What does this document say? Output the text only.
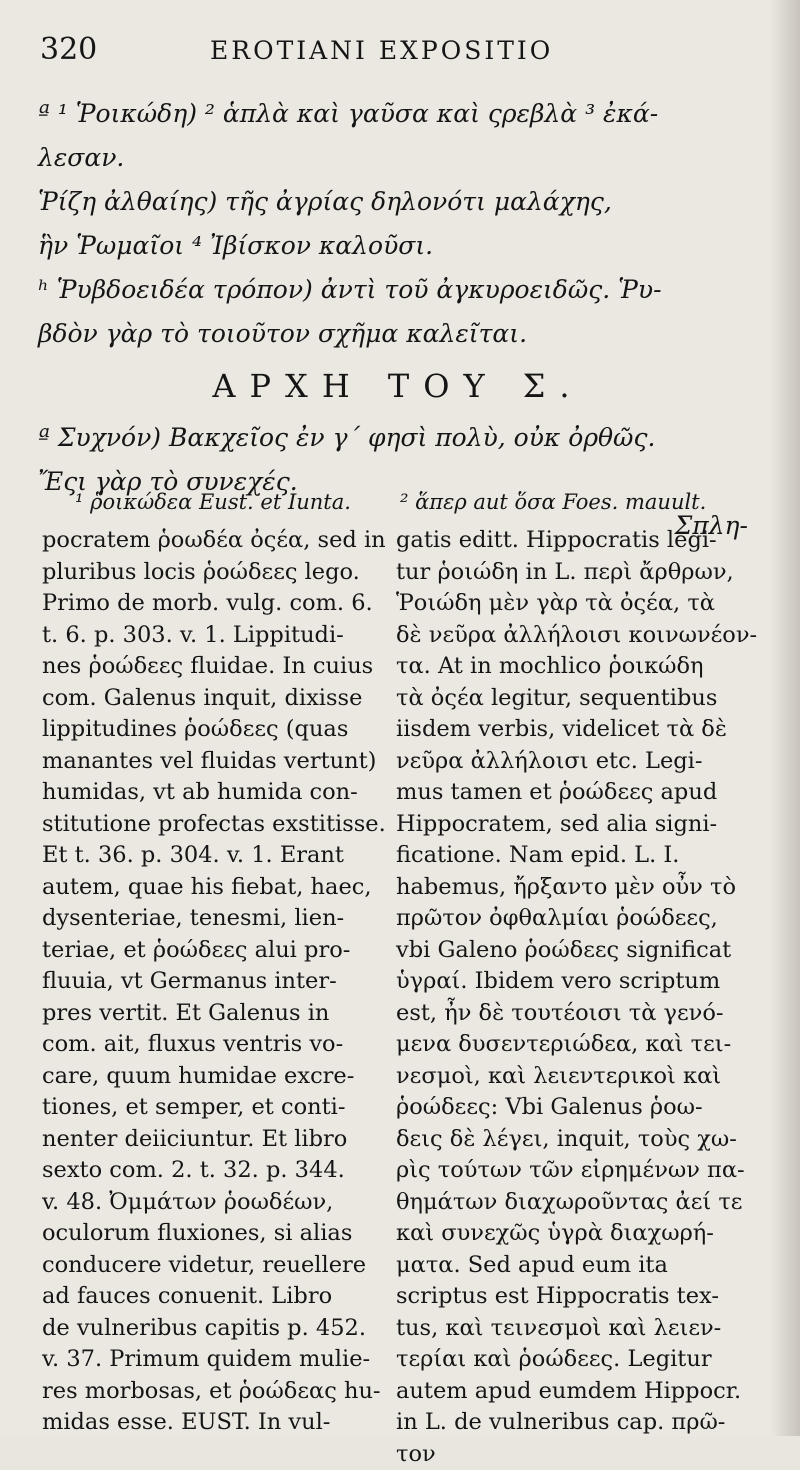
320	EROTIANI EXPOSITIO
ª ¹ Ῥοικώδη) ² ἁπλὰ καὶ γαῦσα καὶ ςρεβλὰ ³ ἐκά-
λεσαν.
Ῥίζη ἀλθαίης) τῆς ἀγρίας δηλονότι μαλάχης,
ἣν Ῥωμαῖοι ⁴ Ἰβίσκον καλοῦσι.
ʰ Ῥυβδοειδέα τρόπον) ἀντὶ τοῦ ἀγκυροειδῶς. Ῥυ-
βδὸν γὰρ τὸ τοιοῦτον σχῆμα καλεῖται.
ΑΡΧΗ ΤΟΥ Σ.
ª Συχνόν) Βακχεῖος ἐν γ΄ φησὶ πολὺ, οὐκ ὀρθῶς.
Ἔςι γὰρ τὸ συνεχές.
Σπλη-
¹ ῥοικώδεα Eust. et Iunta. ² ἅπερ aut ὅσα Foes. mauult.
pocratem ῥοωδέα ὀςέα, sed in
pluribus locis ῥοώδεες lego.
Primo de morb. vulg. com. 6.
t. 6. p. 303. v. 1. Lippitudi-
nes ῥοώδεες fluidae. In cuius
com. Galenus inquit, dixisse
lippitudines ῥοώδεες (quas
manantes vel fluidas vertunt)
humidas, vt ab humida con-
stitutione profectas exstitisse.
Et t. 36. p. 304. v. 1. Erant
autem, quae his fiebat, haec,
dysenteriae, tenesmi, lien-
teriae, et ῥοώδεες alui pro-
fluuia, vt Germanus inter-
pres vertit. Et Galenus in
com. ait, fluxus ventris vo-
care, quum humidae excre-
tiones, et semper, et conti-
nenter deiiciuntur. Et libro
sexto com. 2. t. 32. p. 344.
v. 48. Ὀμμάτων ῥοωδέων,
oculorum fluxiones, si alias
conducere videtur, reuellere
ad fauces conuenit. Libro
de vulneribus capitis p. 452.
v. 37. Primum quidem mulie-
res morbosas, et ῥοώδεας hu-
midas esse. EUST. In vul-
gatis editt. Hippocratis legi-
tur ῥοιώδη in L. περὶ ἄρθρων,
Ῥοιώδη μὲν γὰρ τὰ ὀςέα, τὰ
δὲ νεῦρα ἀλλήλοισι κοινωνέον-
τα. At in mochlico ῥοικώδη
τὰ ὀςέα legitur, sequentibus
iisdem verbis, videlicet τὰ δὲ
νεῦρα ἀλλήλοισι etc. Legi-
mus tamen et ῥοώδεες apud
Hippocratem, sed alia signi-
ficatione. Nam epid. L. I.
habemus, ἤρξαντο μὲν οὖν τὸ
πρῶτον ὀφθαλμίαι ῥοώδεες,
vbi Galeno ῥοώδεες significat
ὑγραί. Ibidem vero scriptum
est, ἦν δὲ τουτέοισι τὰ γενό-
μενα δυσεντεριώδεα, καὶ τει-
νεσμοὶ, καὶ λειεντερικοὶ καὶ
ῥοώδεες: Vbi Galenus ῥοω-
δεις δὲ λέγει, inquit, τοὺς χω-
ρὶς τούτων τῶν εἰρημένων πα-
θημάτων διαχωροῦντας ἀεί τε
καὶ συνεχῶς ὑγρὰ διαχωρή-
ματα. Sed apud eum ita
scriptus est Hippocratis tex-
tus, καὶ τεινεσμοὶ καὶ λειεν-
τερίαι καὶ ῥοώδεες. Legitur
autem apud eumdem Hippocr.
in L. de vulneribus cap. πρῶ-
τον
